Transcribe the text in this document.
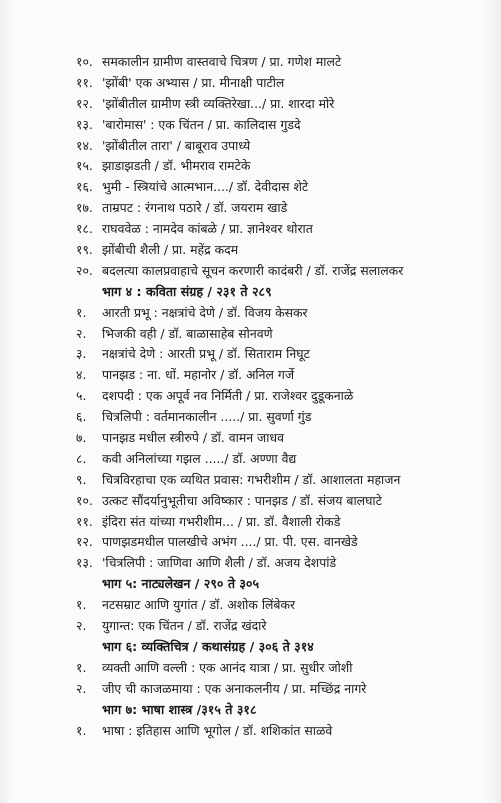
१०. समकालीन ग्रामीण वास्तवाचे चित्रण / प्रा. गणेश मालटे
११. 'झोंबी' एक अभ्यास / प्रा. मीनाक्षी पाटील
१२. 'झोंबीतील ग्रामीण स्त्री व्यक्तिरेखा.../ प्रा. शारदा मोरे
१३. 'बारोमास' : एक चिंतन / प्रा. कालिदास गुडदे
१४. 'झोंबीतील तारा' / बाबूराव उपाध्ये
१५. झाडाझडती / डॉ. भीमराव रामटेके
१६. भुमी - स्त्रियांचे आत्मभान..../ डॉ. देवीदास शेटे
१७. ताम्रपट : रंगनाथ पठारे / डॉ. जयराम खाडे
१८. राघववेळ : नामदेव कांबळे / प्रा. ज्ञानेश्वर थोरात
१९. झोंबीची शैली / प्रा. महेंद्र कदम
२०. बदलत्या कालप्रवाहाचे सूचन करणारी कादंबरी / डॉ. राजेंद्र सलालकर
भाग ४ : कविता संग्रह / २३१ ते २८९
१.	आरती प्रभू : नक्षत्रांचे देणे / डॉ. विजय केसकर
२.	भिजकी वही / डॉ. बाळासाहेब सोनवणे
३.	नक्षत्रांचे देणे : आरती प्रभू / डॉ. सिताराम निघूट
४.	पानझड : ना. धों. महानोर / डॉ. अनिल गर्जे
५.	दशपदी : एक अपूर्व नव निर्मिती / प्रा. राजेश्वर दुडूकनाळे
६.	चित्रलिपी : वर्तमानकालीन ...../ प्रा. सुवर्णा गुंड
७.	पानझड मधील स्त्रीरुपे / डॉ. वामन जाधव
८.	कवी अनिलांच्या गझल ...../ डॉ. अण्णा वैद्य
९.	चित्रविरहाचा एक व्यथित प्रवास: गभरीशीम / डॉ. आशालता महाजन
१०. उत्कट सौंदर्यानुभूतीचा अविष्कार : पानझड / डॉ. संजय बालघाटे
११. इंदिरा संत यांच्या गभरीशीम... / प्रा. डॉ. वैशाली रोकडे
१२. पाणझडमधील पालखीचे अभंग ..../ प्रा. पी. एस. वानखेडे
१३. 'चित्रलिपी : जाणिवा आणि शैली / डॉ. अजय देशपांडे
भाग ५: नाट्यलेखन / २९० ते ३०५
१.	नटसम्राट आणि युगांत / डॉ. अशोक लिंबेकर
२.	युगान्त: एक चिंतन / डॉ. राजेंद्र खंदारे
भाग ६: व्यक्तिचित्र / कथासंग्रह / ३०६ ते ३१४
१.	व्यक्ती आणि वल्ली : एक आनंद यात्रा / प्रा. सुधीर जोशी
२.	जीए ची काजळमाया : एक अनाकलनीय / प्रा. मच्छिंद्र नागरे
भाग ७: भाषा शास्त्र /३१५ ते ३१८
१.	भाषा : इतिहास आणि भूगोल / डॉ. शशिकांत साळवे
